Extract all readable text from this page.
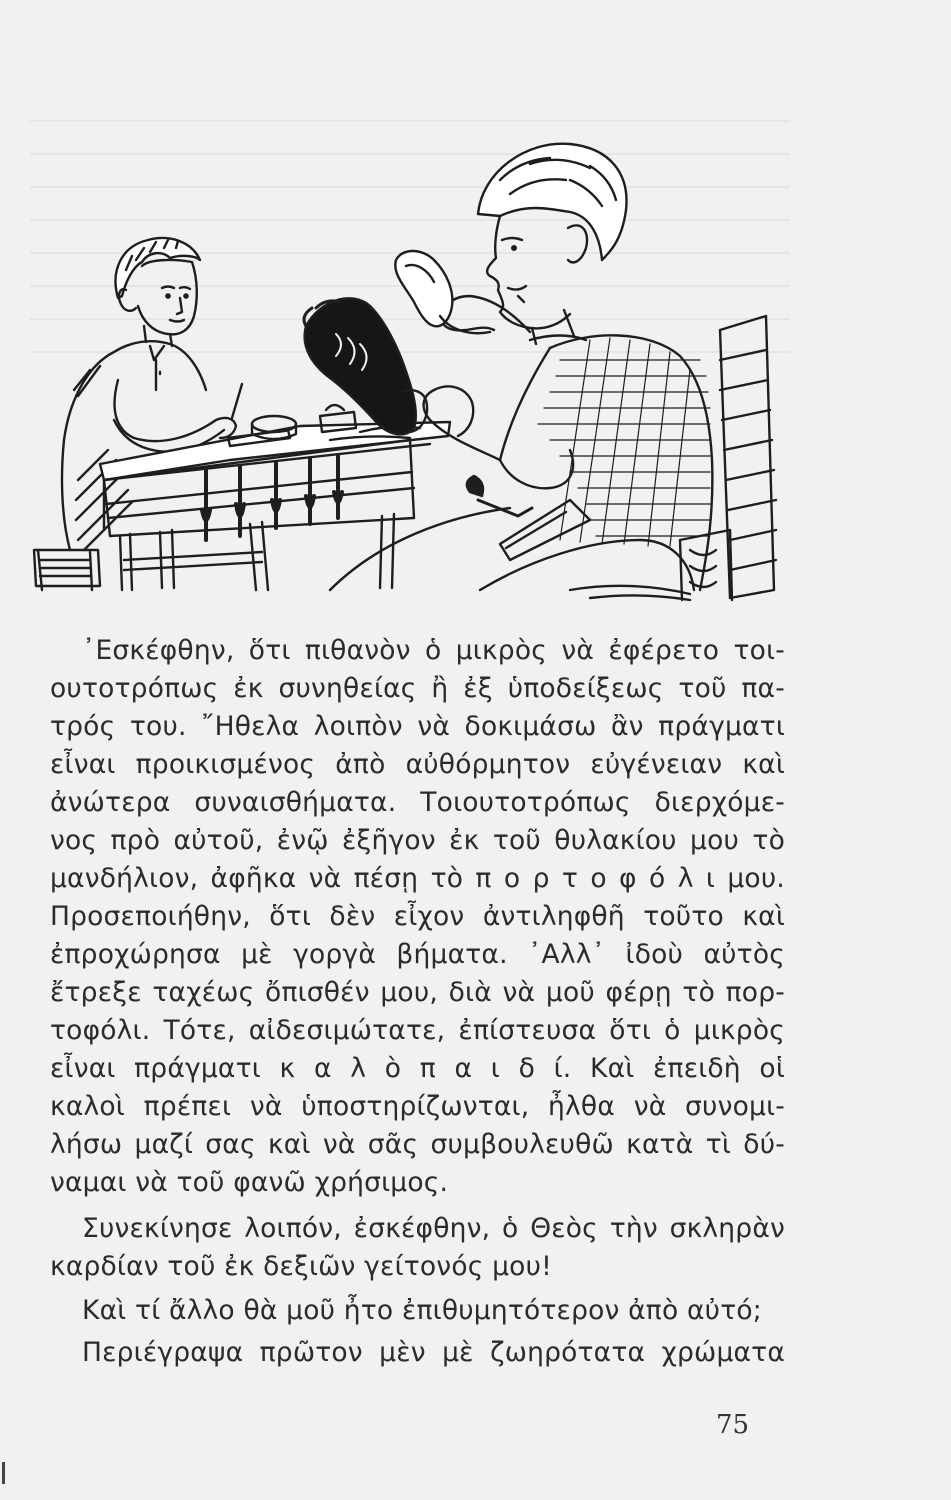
᾿Εσκέφθην, ὅτι πιθανὸν ὁ μικρὸς νὰ ἐφέρετο τοι-
ουτοτρόπως ἐκ συνηθείας ἢ ἐξ ὑποδείξεως τοῦ πα-
τρός του. ῎Ηθελα λοιπὸν νὰ δοκιμάσω ἂν πράγματι
εἶναι προικισμένος ἀπὸ αὐθόρμητον εὐγένειαν καὶ
ἀνώτερα συναισθήματα. Τοιουτοτρόπως διερχόμε-
νος πρὸ αὐτοῦ, ἐνῷ ἐξῆγον ἐκ τοῦ θυλακίου μου τὸ
μανδήλιον, ἀφῆκα νὰ πέσῃ τὸ π ο ρ τ ο φ ό λ ι μου.
Προσεποιήθην, ὅτι δὲν εἶχον ἀντιληφθῆ τοῦτο καὶ
ἐπροχώρησα μὲ γοργὰ βήματα. ᾿Αλλ᾿ ἰδοὺ αὐτὸς
ἔτρεξε ταχέως ὄπισθέν μου, διὰ νὰ μοῦ φέρῃ τὸ πορ-
τοφόλι. Τότε, αἰδεσιμώτατε, ἐπίστευσα ὅτι ὁ μικρὸς
εἶναι πράγματι κ α λ ὸ π α ι δ ί. Καὶ ἐπειδὴ οἱ
καλοὶ πρέπει νὰ ὑποστηρίζωνται, ἦλθα νὰ συνομι-
λήσω μαζί σας καὶ νὰ σᾶς συμβουλευθῶ κατὰ τὶ δύ-
ναμαι νὰ τοῦ φανῶ χρήσιμος.
Συνεκίνησε λοιπόν, ἐσκέφθην, ὁ Θεὸς τὴν σκληρὰν
καρδίαν τοῦ ἐκ δεξιῶν γείτονός μου!
Καὶ τί ἄλλο θὰ μοῦ ἦτο ἐπιθυμητότερον ἀπὸ αὐτό;
Περιέγραψα πρῶτον μὲν μὲ ζωηρότατα χρώματα
75
